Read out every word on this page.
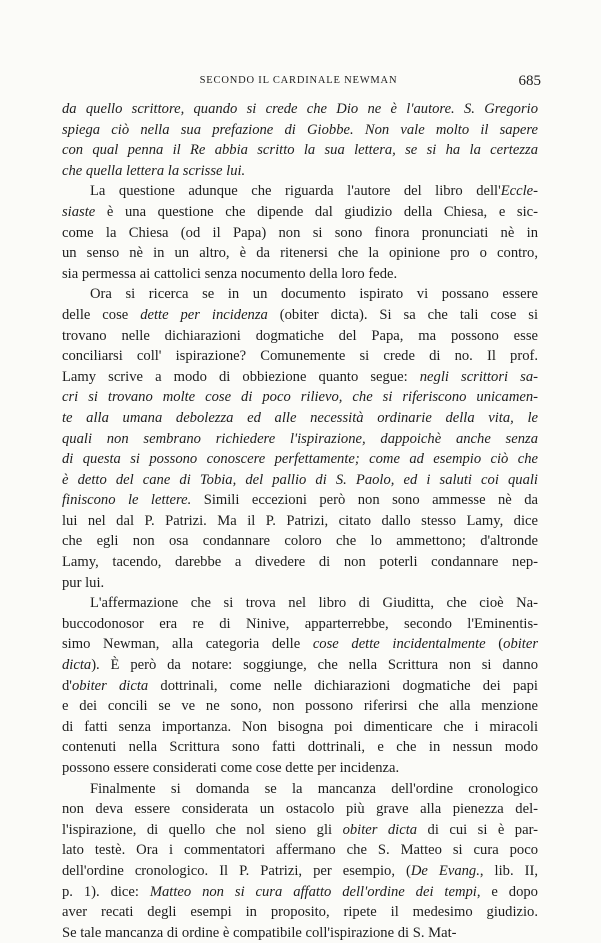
SECONDO IL CARDINALE NEWMAN	685

da quello scrittore, quando si crede che Dio ne è l'autore. S. Gregorio
spiega ciò nella sua prefazione di Giobbe. Non vale molto il sapere
con qual penna il Re abbia scritto la sua lettera, se si ha la certezza
che quella lettera la scrisse lui.

La questione adunque che riguarda l'autore del libro dell'Eccle-
siaste è una questione che dipende dal giudizio della Chiesa, e sic-
come la Chiesa (od il Papa) non si sono finora pronunciati nè in
un senso nè in un altro, è da ritenersi che la opinione pro o contro,
sia permessa ai cattolici senza nocumento della loro fede.

Ora si ricerca se in un documento ispirato vi possano essere
delle cose dette per incidenza (obiter dicta). Si sa che tali cose si
trovano nelle dichiarazioni dogmatiche del Papa, ma possono esse
conciliarsi coll' ispirazione? Comunemente si crede di no. Il prof.
Lamy scrive a modo di obbiezione quanto segue: negli scrittori sa-
cri si trovano molte cose di poco rilievo, che si riferiscono unicamen-
te alla umana debolezza ed alle necessità ordinarie della vita, le
quali non sembrano richiedere l'ispirazione, dappoichè anche senza
di questa si possono conoscere perfettamente; come ad esempio ciò che
è detto del cane di Tobia, del pallio di S. Paolo, ed i saluti coi quali
finiscono le lettere. Simili eccezioni però non sono ammesse nè da
lui nel dal P. Patrizi. Ma il P. Patrizi, citato dallo stesso Lamy, dice
che egli non osa condannare coloro che lo ammettono; d'altronde
Lamy, tacendo, darebbe a divedere di non poterli condannare nep-
pur lui.

L'affermazione che si trova nel libro di Giuditta, che cioè Na-
buccodonosor era re di Ninive, apparterrebbe, secondo l'Eminentis-
simo Newman, alla categoria delle cose dette incidentalmente (obiter
dicta). È però da notare: soggiunge, che nella Scrittura non si danno
d'obiter dicta dottrinali, come nelle dichiarazioni dogmatiche dei papi
e dei concili se ve ne sono, non possono riferirsi che alla menzione
di fatti senza importanza. Non bisogna poi dimenticare che i miracoli
contenuti nella Scrittura sono fatti dottrinali, e che in nessun modo
possono essere considerati come cose dette per incidenza.

Finalmente si domanda se la mancanza dell'ordine cronologico
non deva essere considerata un ostacolo più grave alla pienezza del-
l'ispirazione, di quello che nol sieno gli obiter dicta di cui si è par-
lato testè. Ora i commentatori affermano che S. Matteo si cura poco
dell'ordine cronologico. Il P. Patrizi, per esempio, (De Evang., lib. II,
p. 1). dice: Matteo non si cura affatto dell'ordine dei tempi, e dopo
aver recati degli esempi in proposito, ripete il medesimo giudizio.
Se tale mancanza di ordine è compatibile coll'ispirazione di S. Mat-
